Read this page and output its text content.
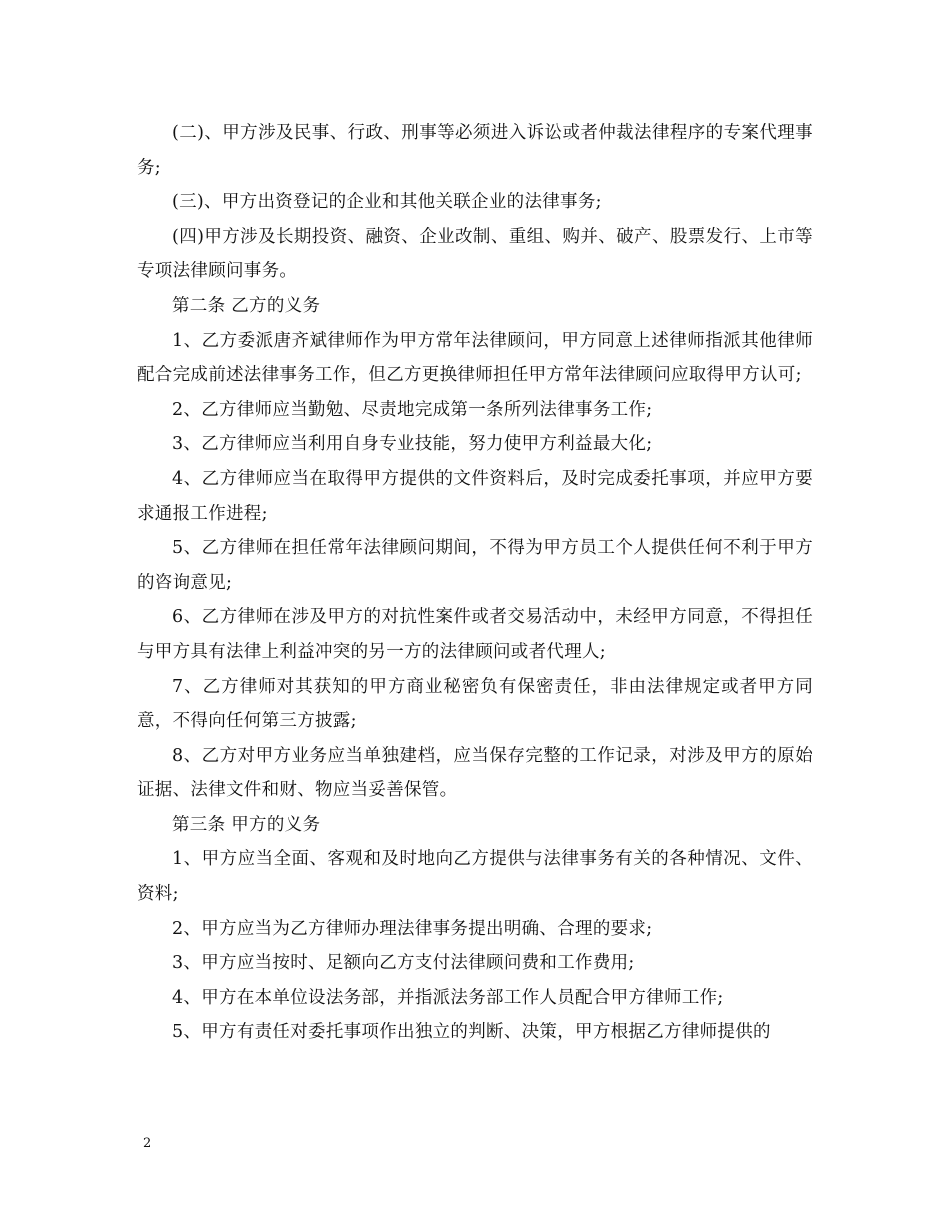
(二)、甲方涉及民事、行政、刑事等必须进入诉讼或者仲裁法律程序的专案代理事务;

(三)、甲方出资登记的企业和其他关联企业的法律事务;

(四)甲方涉及长期投资、融资、企业改制、重组、购并、破产、股票发行、上市等专项法律顾问事务。

第二条 乙方的义务

1、乙方委派唐齐斌律师作为甲方常年法律顾问，甲方同意上述律师指派其他律师配合完成前述法律事务工作，但乙方更换律师担任甲方常年法律顾问应取得甲方认可;

2、乙方律师应当勤勉、尽责地完成第一条所列法律事务工作;

3、乙方律师应当利用自身专业技能，努力使甲方利益最大化;

4、乙方律师应当在取得甲方提供的文件资料后，及时完成委托事项，并应甲方要求通报工作进程;

5、乙方律师在担任常年法律顾问期间，不得为甲方员工个人提供任何不利于甲方的咨询意见;

6、乙方律师在涉及甲方的对抗性案件或者交易活动中，未经甲方同意，不得担任与甲方具有法律上利益冲突的另一方的法律顾问或者代理人;

7、乙方律师对其获知的甲方商业秘密负有保密责任，非由法律规定或者甲方同意，不得向任何第三方披露;

8、乙方对甲方业务应当单独建档，应当保存完整的工作记录，对涉及甲方的原始证据、法律文件和财、物应当妥善保管。

第三条 甲方的义务

1、甲方应当全面、客观和及时地向乙方提供与法律事务有关的各种情况、文件、资料;

2、甲方应当为乙方律师办理法律事务提出明确、合理的要求;

3、甲方应当按时、足额向乙方支付法律顾问费和工作费用;

4、甲方在本单位设法务部，并指派法务部工作人员配合甲方律师工作;

5、甲方有责任对委托事项作出独立的判断、决策，甲方根据乙方律师提供的

2
